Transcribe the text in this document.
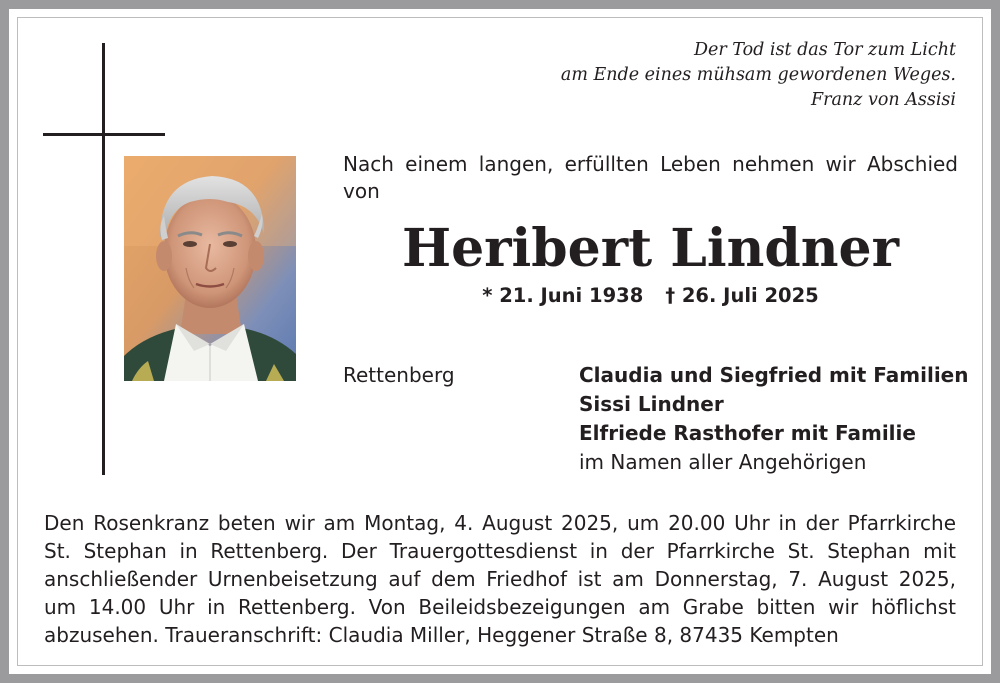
Der Tod ist das Tor zum Licht
am Ende eines mühsam gewordenen Weges.
Franz von Assisi
Nach einem langen, erfüllten Leben nehmen wir Abschied von
Heribert Lindner
* 21. Juni 1938 † 26. Juli 2025
Rettenberg	Claudia und Siegfried mit Familien
Sissi Lindner
Elfriede Rasthofer mit Familie
im Namen aller Angehörigen
Den Rosenkranz beten wir am Montag, 4. August 2025, um 20.00 Uhr in der Pfarrkirche
St. Stephan in Rettenberg. Der Trauergottesdienst in der Pfarrkirche St. Stephan mit
anschließender Urnenbeisetzung auf dem Friedhof ist am Donnerstag, 7. August 2025,
um 14.00 Uhr in Rettenberg. Von Beileidsbezeigungen am Grabe bitten wir höflichst
abzusehen. Traueranschrift: Claudia Miller, Heggener Straße 8, 87435 Kempten
